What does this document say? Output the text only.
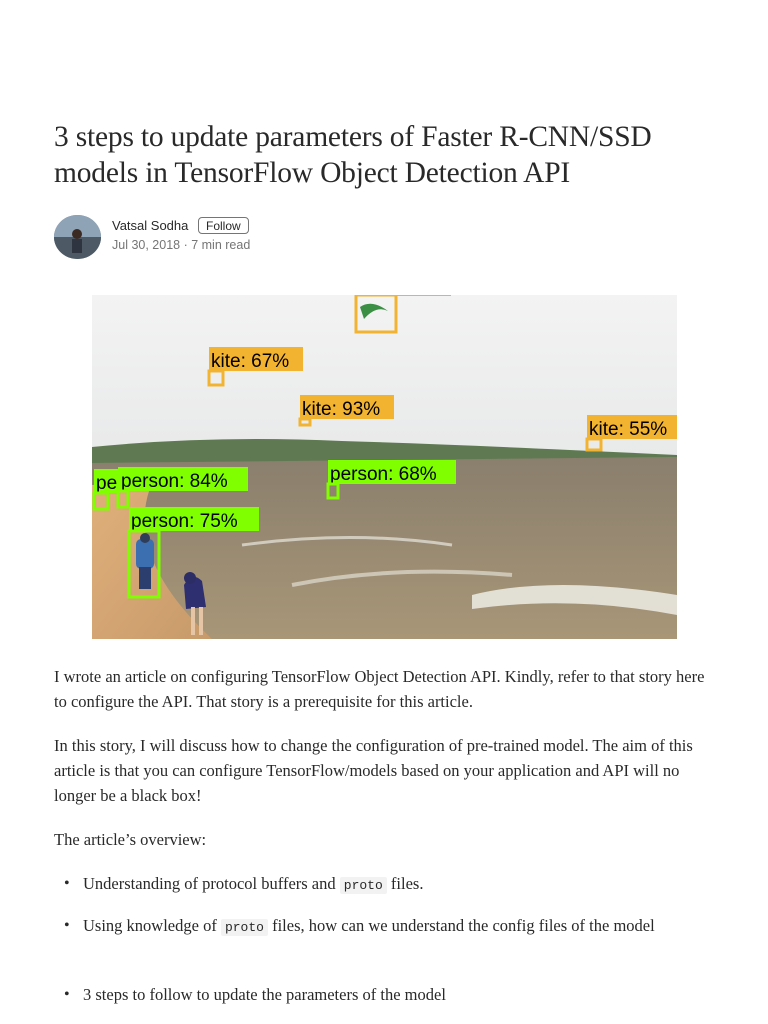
3 steps to update parameters of Faster R-CNN/SSD models in TensorFlow Object Detection API
Vatsal Sodha	Follow
Jul 30, 2018 · 7 min read
kite: 67%
kite: 93%
kite: 55%
pe person: 84%	person: 68%
person: 75%

I wrote an article on configuring TensorFlow Object Detection API. Kindly, refer to that story here to configure the API. That story is a prerequisite for this article.

In this story, I will discuss how to change the configuration of pre-trained model. The aim of this article is that you can configure TensorFlow/models based on your application and API will no longer be a black box!

The article’s overview:

• Understanding of protocol buffers and proto files.
• Using knowledge of proto files, how can we understand the config files of the model
• 3 steps to follow to update the parameters of the model
